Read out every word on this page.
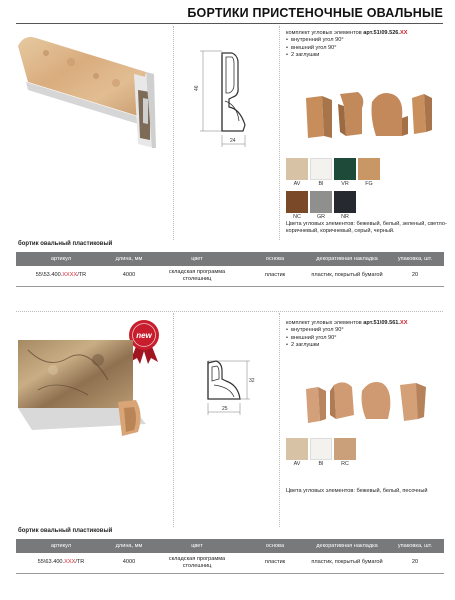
БОРТИКИ ПРИСТЕНОЧНЫЕ ОВАЛЬНЫЕ
46
24
комплект угловых элементов арт.51\09.526.XX
• внутренний угол 90°
• внешний угол 90°
• 2 заглушки
AV	BI	VR	FG
NC	GR	NR
Цвета угловых элементов: бежевый, белый, зеленый, светло-коричневый, коричневый, серый, черный.
бортик овальный пластиковый
артикул	длина, мм	цвет	основа	декоративная накладка	упаковка, шт.
55\53.400.XXXX/TR	4000	складская программа столешниц	пластик	пластик, покрытый бумагой	20
new
32
25
комплект угловых элементов арт.51\09.561.XX
• внутренний угол 90°
• внешний угол 90°
• 2 заглушки
AV	BI	RC
Цвета угловых элементов: бежевый, белый, песочный
бортик овальный пластиковый
артикул	длина, мм	цвет	основа	декоративная накладка	упаковка, шт.
55\63.400.XXX/TR	4000	складская программа столешниц	пластик	пластик, покрытый бумагой	20
